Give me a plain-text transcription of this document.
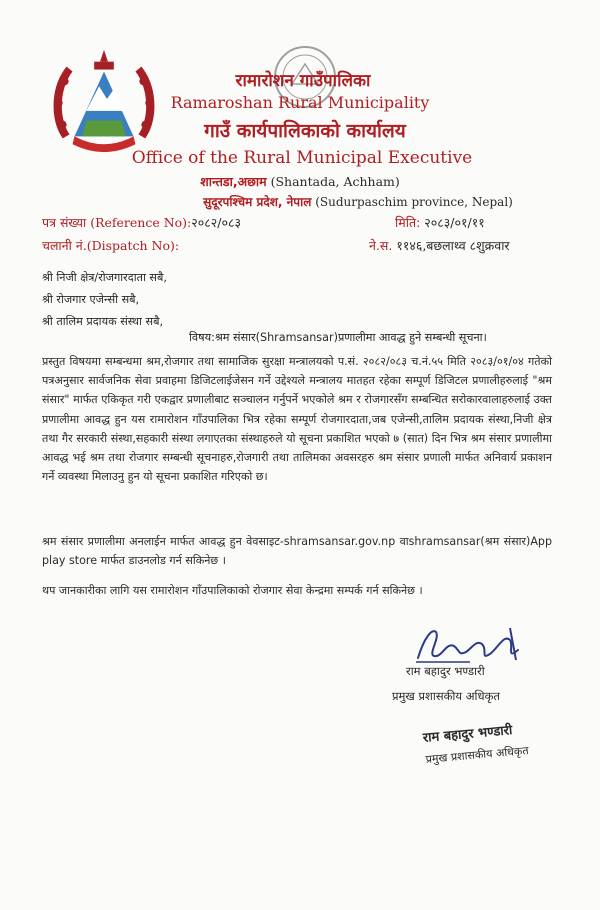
रामारोशन गाउँपालिका
Ramaroshan Rural Municipality
गाउँ कार्यपालिकाको कार्यालय
Office of the Rural Municipal Executive
शान्तडा,अछाम (Shantada, Achham)
सुदूरपश्चिम प्रदेश, नेपाल (Sudurpaschim province, Nepal)
पत्र संख्या (Reference No):२०८२/०८३	मिति: २०८३/०१/११
चलानी नं.(Dispatch No):	ने.स. ११४६,बछलाथ्व ८शुक्रवार
श्री निजी क्षेत्र/रोजगारदाता सबै,
श्री रोजगार एजेन्सी सबै,
श्री तालिम प्रदायक संस्था सबै,
विषय:श्रम संसार(Shramsansar)प्रणालीमा आवद्ध हुने सम्बन्धी सूचना।
प्रस्तुत विषयमा सम्बन्धमा श्रम,रोजगार तथा सामाजिक सुरक्षा मन्त्रालयको प.सं. २०८२/०८३ च.नं.५५ मिति २०८३/०१/०४ गतेको पत्रअनुसार सार्वजनिक सेवा प्रवाहमा डिजिटलाईजेसन गर्ने उद्देश्यले मन्त्रालय मातहत रहेका सम्पूर्ण डिजिटल प्रणालीहरुलाई "श्रम संसार" मार्फत एकिकृत गरी एकद्वार प्रणालीबाट सञ्चालन गर्नुपर्ने भएकोले श्रम र रोजगारसँग सम्बन्धित सरोकारवालाहरुलाई उक्त प्रणालीमा आवद्ध हुन यस रामारोशन गाँउपालिका भित्र रहेका सम्पूर्ण रोजगारदाता,जब एजेन्सी,तालिम प्रदायक संस्था,निजी क्षेत्र तथा गैर सरकारी संस्था,सहकारी संस्था लगाएतका संस्थाहरुले यो सूचना प्रकाशित भएको ७ (सात) दिन भित्र श्रम संसार प्रणालीमा आवद्ध भई श्रम तथा रोजगार सम्बन्धी सूचनाहरु,रोजगारी तथा तालिमका अवसरहरु श्रम संसार प्रणाली मार्फत अनिवार्य प्रकाशन गर्ने व्यवस्था मिलाउनु हुन यो सूचना प्रकाशित गरिएको छ।
श्रम संसार प्रणालीमा अनलाईन मार्फत आवद्ध हुन वेवसाइट-shramsansar.gov.np वाshramsansar(श्रम संसार)App play store मार्फत डाउनलोड गर्न सकिनेछ ।
थप जानकारीका लागि यस रामारोशन गाँउपालिकाको रोजगार सेवा केन्द्रमा सम्पर्क गर्न सकिनेछ ।
राम बहादुर भण्डारी
प्रमुख प्रशासकीय अधिकृत
राम बहादुर भण्डारी
प्रमुख प्रशासकीय अधिकृत
